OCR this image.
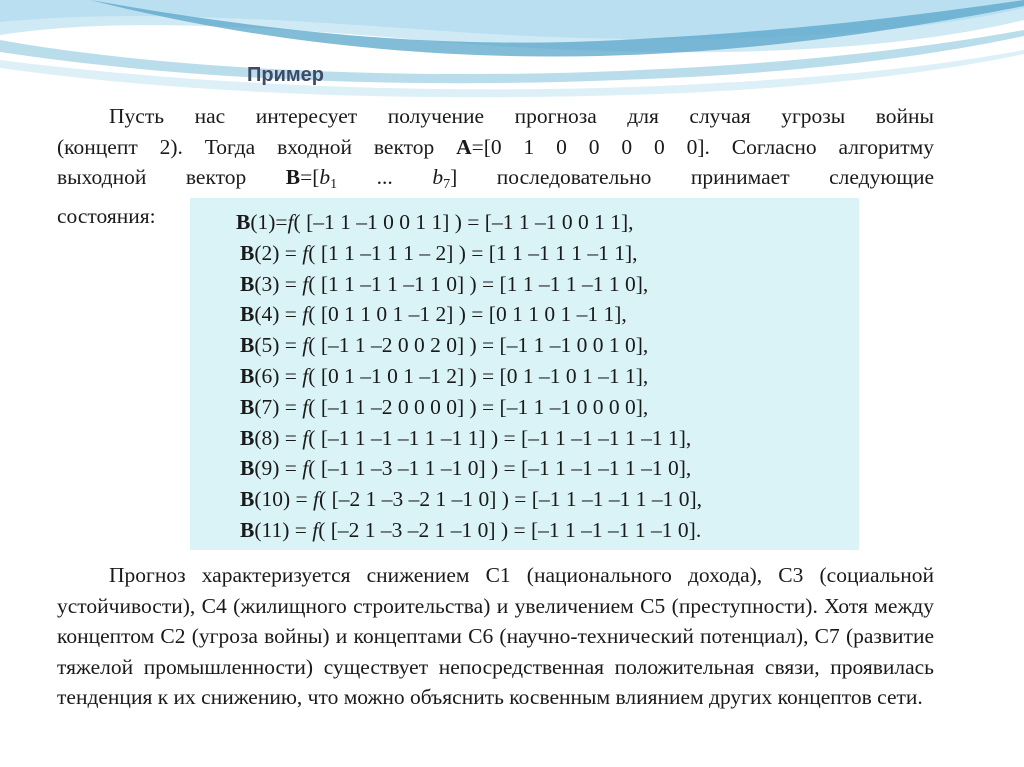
Пример
Пусть нас интересует получение прогноза для случая угрозы войны
(концепт 2). Тогда входной вектор A=[0 1 0 0 0 0 0]. Согласно алгоритму
выходной вектор $B=[b_1$ ... $b_7$] последовательно принимает следующие
состояния:	B(1)=f( [–1 1 –1 0 0 1 1] ) = [–1 1 –1 0 0 1 1],
B(2) = f( [1 1 –1 1 1 – 2] ) = [1 1 –1 1 1 –1 1],
B(3) = f( [1 1 –1 1 –1 1 0] ) = [1 1 –1 1 –1 1 0],
B(4) = f( [0 1 1 0 1 –1 2] ) = [0 1 1 0 1 –1 1],
B(5) = f( [–1 1 –2 0 0 2 0] ) = [–1 1 –1 0 0 1 0],
B(6) = f( [0 1 –1 0 1 –1 2] ) = [0 1 –1 0 1 –1 1],
B(7) = f( [–1 1 –2 0 0 0 0] ) = [–1 1 –1 0 0 0 0],
B(8) = f( [–1 1 –1 –1 1 –1 1] ) = [–1 1 –1 –1 1 –1 1],
B(9) = f( [–1 1 –3 –1 1 –1 0] ) = [–1 1 –1 –1 1 –1 0],
B(10) = f( [–2 1 –3 –2 1 –1 0] ) = [–1 1 –1 –1 1 –1 0],
B(11) = f( [–2 1 –3 –2 1 –1 0] ) = [–1 1 –1 –1 1 –1 0].

Прогноз характеризуется снижением С1 (национального дохода), С3 (социальной устойчивости), С4 (жилищного строительства) и увеличением С5 (преступности). Хотя между концептом С2 (угроза войны) и концептами С6 (научно-технический потенциал), С7 (развитие тяжелой промышленности) существует непосредственная положительная связи, проявилась тенденция к их снижению, что можно объяснить косвенным влиянием других концептов сети.
